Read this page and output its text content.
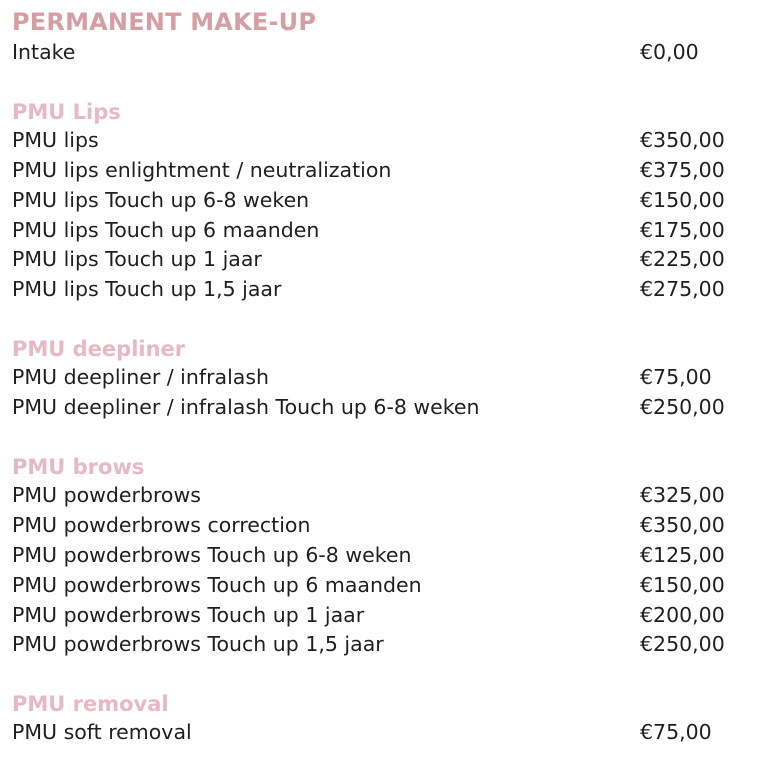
PERMANENT MAKE-UP
Intake	€0,00
PMU Lips
PMU lips	€350,00
PMU lips enlightment / neutralization	€375,00
PMU lips Touch up 6-8 weken	€150,00
PMU lips Touch up 6 maanden	€175,00
PMU lips Touch up 1 jaar	€225,00
PMU lips Touch up 1,5 jaar	€275,00
PMU deepliner
PMU deepliner / infralash	€75,00
PMU deepliner / infralash Touch up 6-8 weken	€250,00
PMU brows
PMU powderbrows	€325,00
PMU powderbrows correction	€350,00
PMU powderbrows Touch up 6-8 weken	€125,00
PMU powderbrows Touch up 6 maanden	€150,00
PMU powderbrows Touch up 1 jaar	€200,00
PMU powderbrows Touch up 1,5 jaar	€250,00
PMU removal
PMU soft removal	€75,00
